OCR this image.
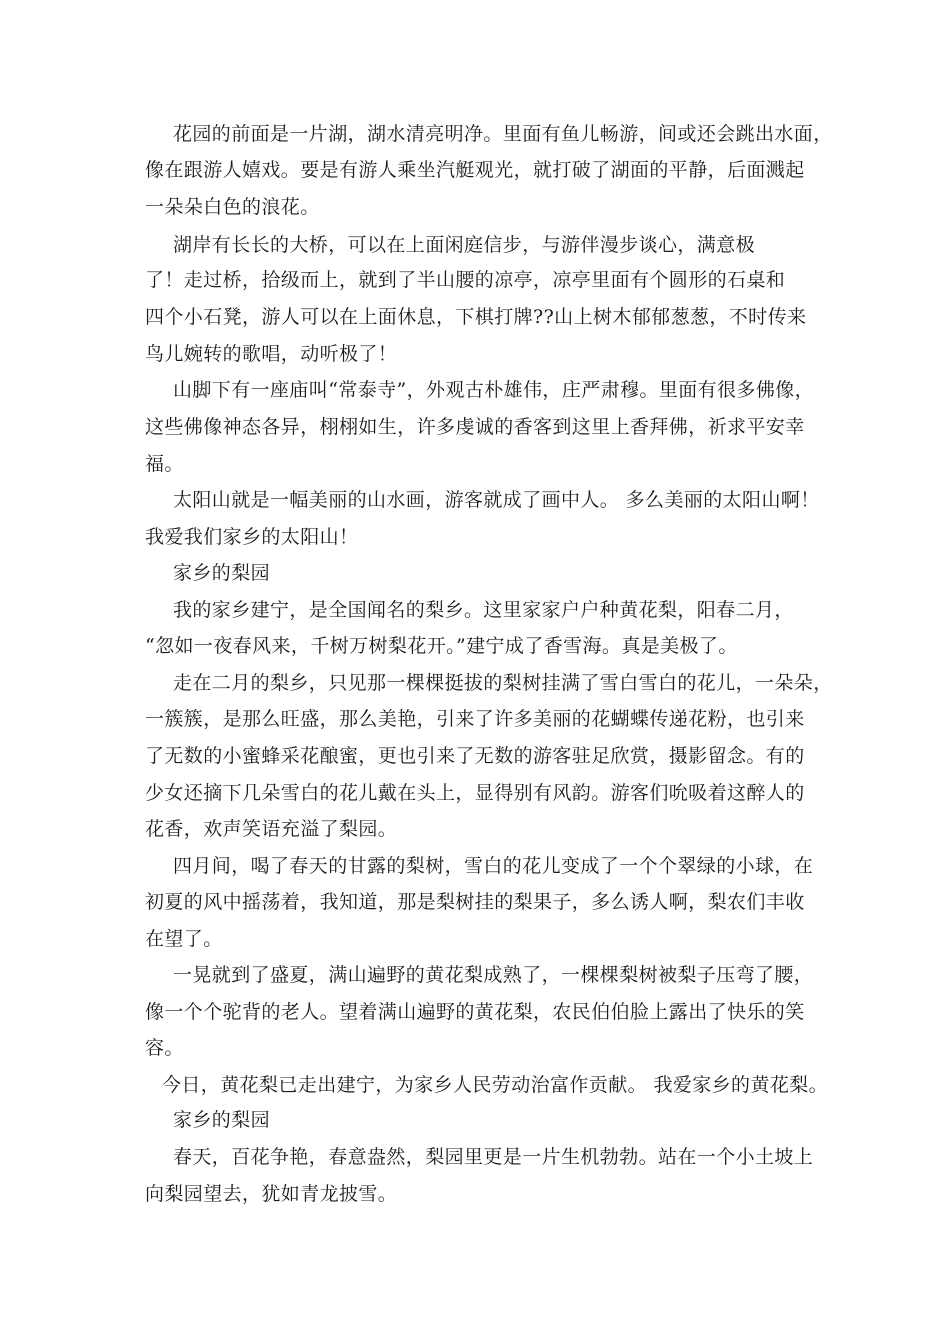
花园的前面是一片湖，湖水清亮明净。里面有鱼儿畅游，间或还会跳出水面，

像在跟游人嬉戏。要是有游人乘坐汽艇观光，就打破了湖面的平静，后面溅起

一朵朵白色的浪花。

湖岸有长长的大桥，可以在上面闲庭信步，与游伴漫步谈心，满意极

了！走过桥，拾级而上，就到了半山腰的凉亭，凉亭里面有个圆形的石桌和

四个小石凳，游人可以在上面休息，下棋打牌??山上树木郁郁葱葱，不时传来

鸟儿婉转的歌唱，动听极了！

山脚下有一座庙叫“常泰寺”，外观古朴雄伟，庄严肃穆。里面有很多佛像，

这些佛像神态各异，栩栩如生，许多虔诚的香客到这里上香拜佛，祈求平安幸

福。

太阳山就是一幅美丽的山水画，游客就成了画中人。 多么美丽的太阳山啊！

我爱我们家乡的太阳山！

家乡的梨园

我的家乡建宁，是全国闻名的梨乡。这里家家户户种黄花梨，阳春二月，

“忽如一夜春风来，千树万树梨花开。”建宁成了香雪海。真是美极了。

走在二月的梨乡，只见那一棵棵挺拔的梨树挂满了雪白雪白的花儿，一朵朵，

一簇簇，是那么旺盛，那么美艳，引来了许多美丽的花蝴蝶传递花粉，也引来

了无数的小蜜蜂采花酿蜜，更也引来了无数的游客驻足欣赏，摄影留念。有的

少女还摘下几朵雪白的花儿戴在头上，显得别有风韵。游客们吮吸着这醉人的

花香，欢声笑语充溢了梨园。

四月间，喝了春天的甘露的梨树，雪白的花儿变成了一个个翠绿的小球，在

初夏的风中摇荡着，我知道，那是梨树挂的梨果子，多么诱人啊，梨农们丰收

在望了。

一晃就到了盛夏，满山遍野的黄花梨成熟了，一棵棵梨树被梨子压弯了腰，

像一个个驼背的老人。望着满山遍野的黄花梨，农民伯伯脸上露出了快乐的笑

容。

今日，黄花梨已走出建宁，为家乡人民劳动治富作贡献。 我爱家乡的黄花梨。

家乡的梨园

春天，百花争艳，春意盎然，梨园里更是一片生机勃勃。站在一个小土坡上

向梨园望去，犹如青龙披雪。
